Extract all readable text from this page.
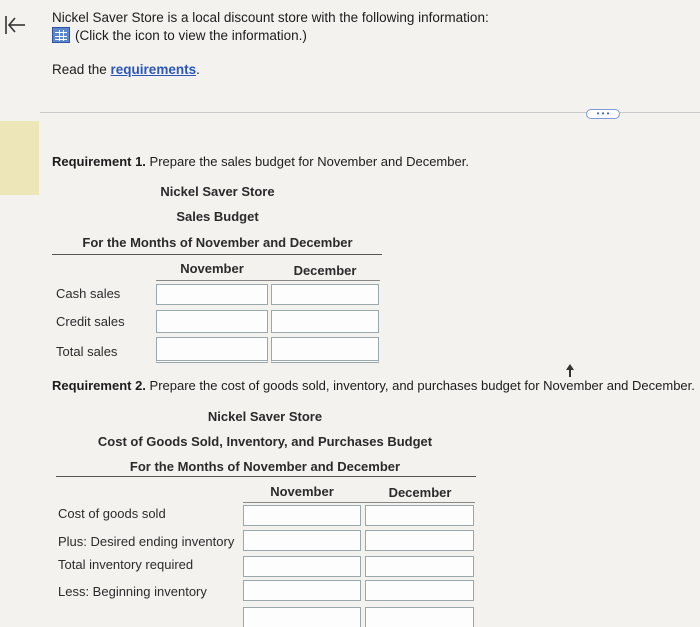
Nickel Saver Store is a local discount store with the following information:
(Click the icon to view the information.)
Read the requirements.
• • •
Requirement 1. Prepare the sales budget for November and December.
Nickel Saver Store
Sales Budget
For the Months of November and December
November	December
Cash sales
Credit sales
Total sales
Requirement 2. Prepare the cost of goods sold, inventory, and purchases budget for November and December.
Nickel Saver Store
Cost of Goods Sold, Inventory, and Purchases Budget
For the Months of November and December
November	December
Cost of goods sold
Plus: Desired ending inventory
Total inventory required
Less: Beginning inventory
